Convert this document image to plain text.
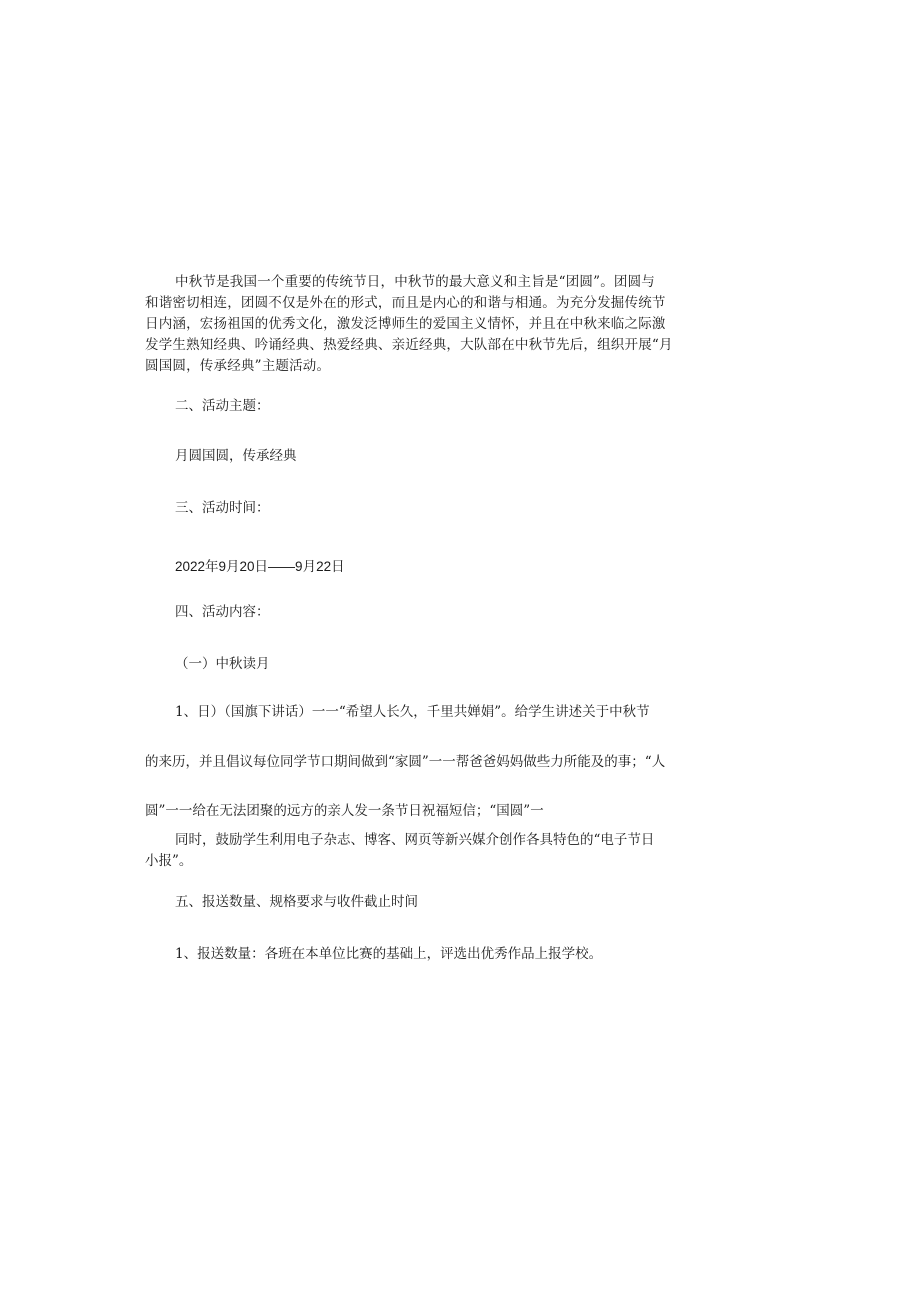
中秋节是我国一个重要的传统节日，中秋节的最大意义和主旨是“团圆”。团圆与
和谐密切相连，团圆不仅是外在的形式，而且是内心的和谐与相通。为充分发掘传统节
日内涵，宏扬祖国的优秀文化，激发泛博师生的爱国主义情怀，并且在中秋来临之际激
发学生熟知经典、吟诵经典、热爱经典、亲近经典，大队部在中秋节先后，组织开展“月
圆国圆，传承经典”主题活动。
二、活动主题：
月圆国圆，传承经典
三、活动时间：
2022年9月20日——9月22日
四、活动内容：
（一）中秋读月
1、日）（国旗下讲话）一一“希望人长久，千里共婵娟”。给学生讲述关于中秋节
的来历，并且倡议每位同学节口期间做到“家圆”一一帮爸爸妈妈做些力所能及的事；“人
圆”一一给在无法团聚的远方的亲人发一条节日祝福短信；“国圆”一
同时，鼓励学生利用电子杂志、博客、网页等新兴媒介创作各具特色的“电子节日
小报”。
五、报送数量、规格要求与收件截止时间
1、报送数量：各班在本单位比赛的基础上，评选出优秀作品上报学校。
